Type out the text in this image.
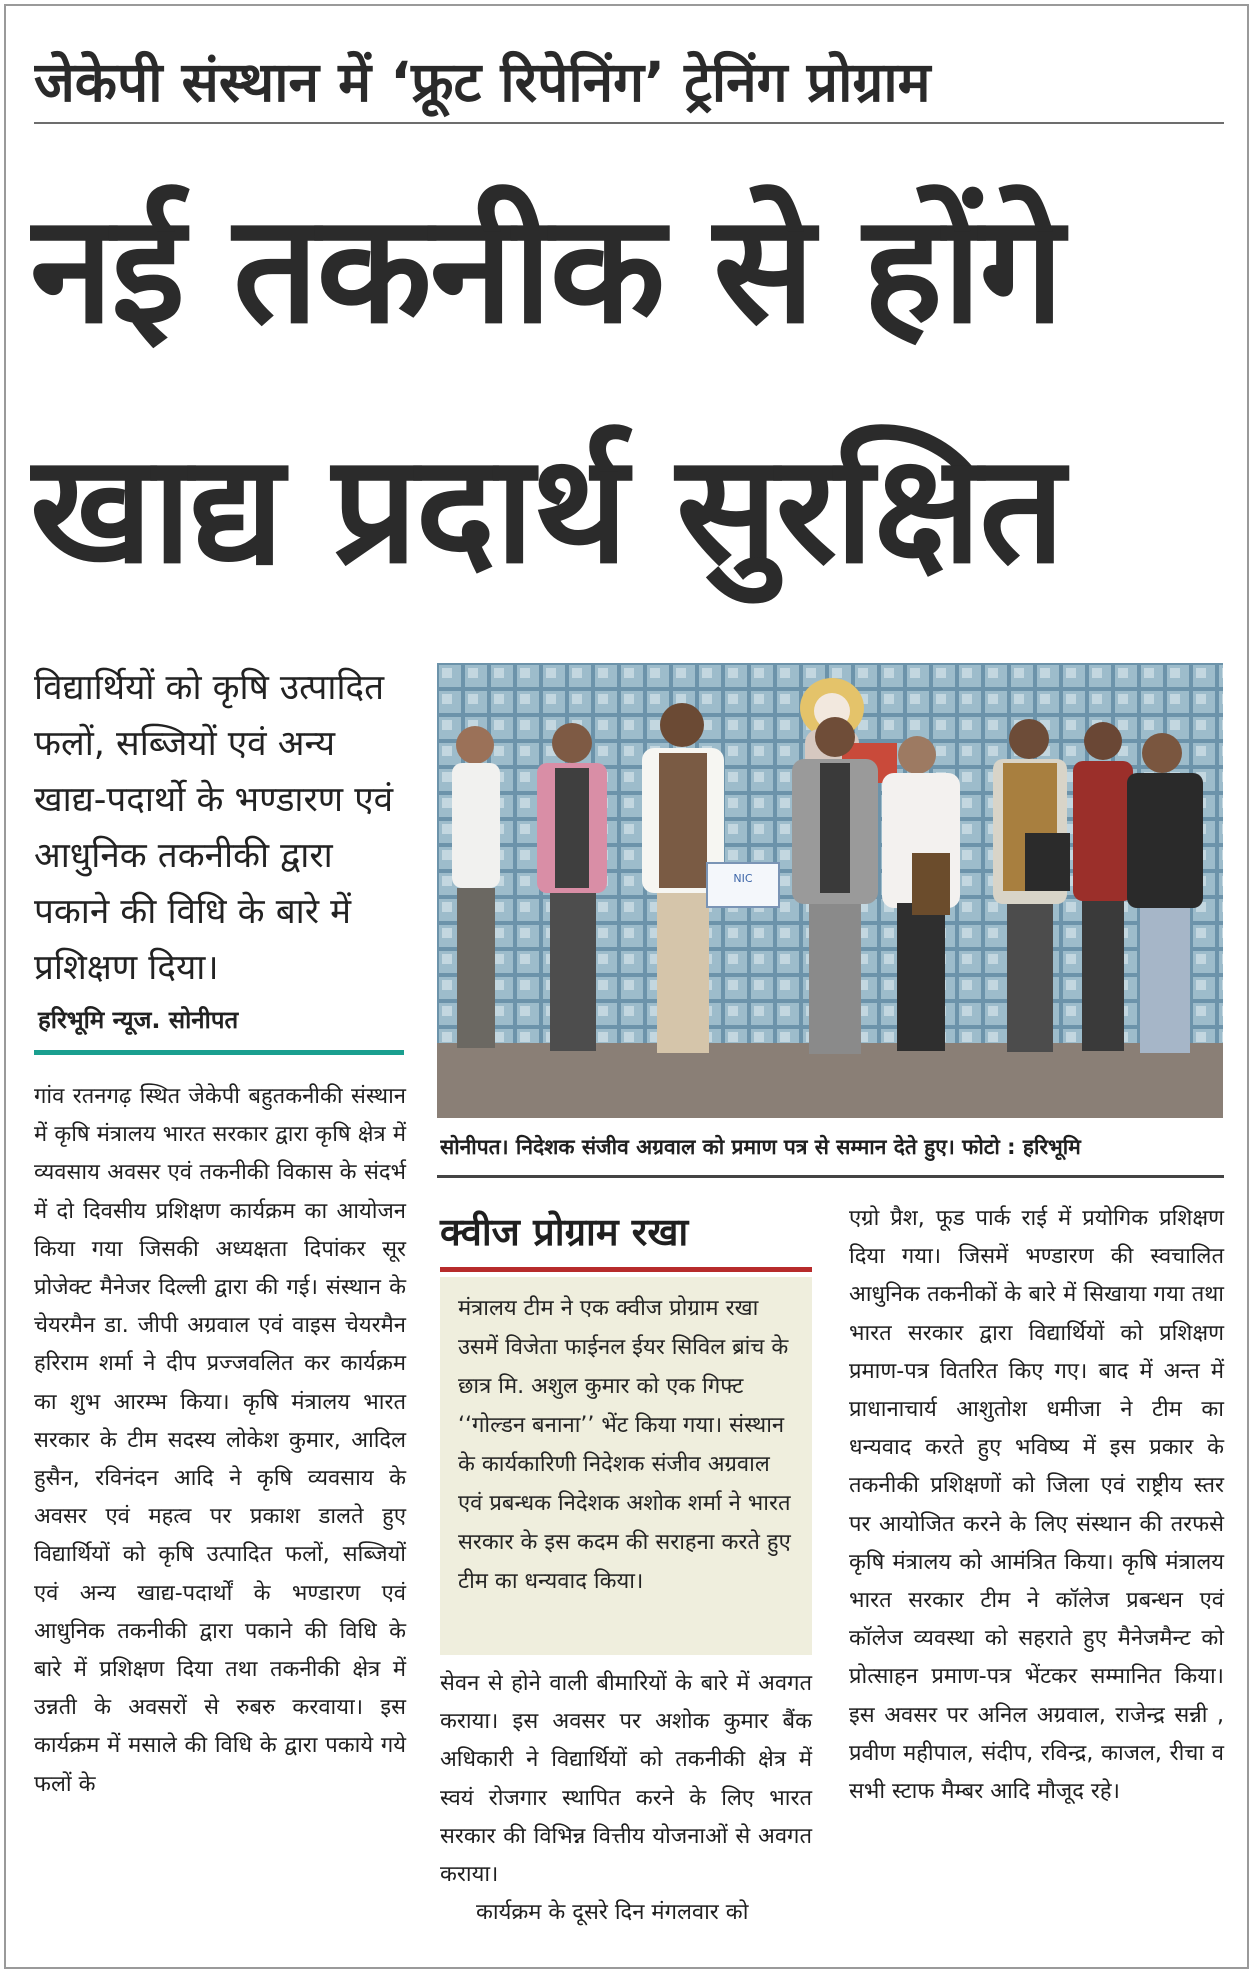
जेकेपी संस्थान में ‘फ्रूट रिपेनिंग’ ट्रेनिंग प्रोग्राम
नई तकनीक से होंगे
खाद्य प्रदार्थ सुरक्षित
विद्यार्थियों को कृषि उत्पादित फलों, सब्जियों एवं अन्य खाद्य-पदार्थो के भण्डारण एवं आधुनिक तकनीकी द्वारा पकाने की विधि के बारे में प्रशिक्षण दिया।
हरिभूमि न्यूज. सोनीपत
गांव रतनगढ़ स्थित जेकेपी बहुतकनीकी संस्थान में कृषि मंत्रालय भारत सरकार द्वारा कृषि क्षेत्र में व्यवसाय अवसर एवं तकनीकी विकास के संदर्भ में दो दिवसीय प्रशिक्षण कार्यक्रम का आयोजन किया गया जिसकी अध्यक्षता दिपांकर सूर प्रोजेक्ट मैनेजर दिल्ली द्वारा की गई। संस्थान के चेयरमैन डा. जीपी अग्रवाल एवं वाइस चेयरमैन हरिराम शर्मा ने दीप प्रज्जवलित कर कार्यक्रम का शुभ आरम्भ किया। कृषि मंत्रालय भारत सरकार के टीम सदस्य लोकेश कुमार, आदिल हुसैन, रविनंदन आदि ने कृषि व्यवसाय के अवसर एवं महत्व पर प्रकाश डालते हुए विद्यार्थियों को कृषि उत्पादित फलों, सब्जियों एवं अन्य खाद्य-पदार्थों के भण्डारण एवं आधुनिक तकनीकी द्वारा पकाने की विधि के बारे में प्रशिक्षण दिया तथा तकनीकी क्षेत्र में उन्नती के अवसरों से रुबरु करवाया। इस कार्यक्रम में मसाले की विधि के द्वारा पकाये गये फलों के
NIC
सोनीपत। निदेशक संजीव अग्रवाल को प्रमाण पत्र से सम्मान देते हुए। फोटो : हरिभूमि
क्वीज प्रोग्राम रखा
मंत्रालय टीम ने एक क्वीज प्रोग्राम रखा उसमें विजेता फाईनल ईयर सिविल ब्रांच के छात्र मि. अशुल कुमार को एक गिफ्ट ‘‘गोल्डन बनाना’’ भेंट किया गया। संस्थान के कार्यकारिणी निदेशक संजीव अग्रवाल एवं प्रबन्धक निदेशक अशोक शर्मा ने भारत सरकार के इस कदम की सराहना करते हुए टीम का धन्यवाद किया।
सेवन से होने वाली बीमारियों के बारे में अवगत कराया। इस अवसर पर अशोक कुमार बैंक अधिकारी ने विद्यार्थियों को तकनीकी क्षेत्र में स्वयं रोजगार स्थापित करने के लिए भारत सरकार की विभिन्न वित्तीय योजनाओं से अवगत कराया।
कार्यक्रम के दूसरे दिन मंगलवार को
एग्रो प्रैश, फूड पार्क राई में प्रयोगिक प्रशिक्षण दिया गया। जिसमें भण्डारण की स्वचालित आधुनिक तकनीकों के बारे में सिखाया गया तथा भारत सरकार द्वारा विद्यार्थियों को प्रशिक्षण प्रमाण-पत्र वितरित किए गए। बाद में अन्त में प्राधानाचार्य आशुतोश धमीजा ने टीम का धन्यवाद करते हुए भविष्य में इस प्रकार के तकनीकी प्रशिक्षणों को जिला एवं राष्ट्रीय स्तर पर आयोजित करने के लिए संस्थान की तरफसे कृषि मंत्रालय को आमंत्रित किया। कृषि मंत्रालय भारत सरकार टीम ने कॉलेज प्रबन्धन एवं कॉलेज व्यवस्था को सहराते हुए मैनेजमैन्ट को प्रोत्साहन प्रमाण-पत्र भेंटकर सम्मानित किया। इस अवसर पर अनिल अग्रवाल, राजेन्द्र सन्नी , प्रवीण महीपाल, संदीप, रविन्द्र, काजल, रीचा व सभी स्टाफ मैम्बर आदि मौजूद रहे।
